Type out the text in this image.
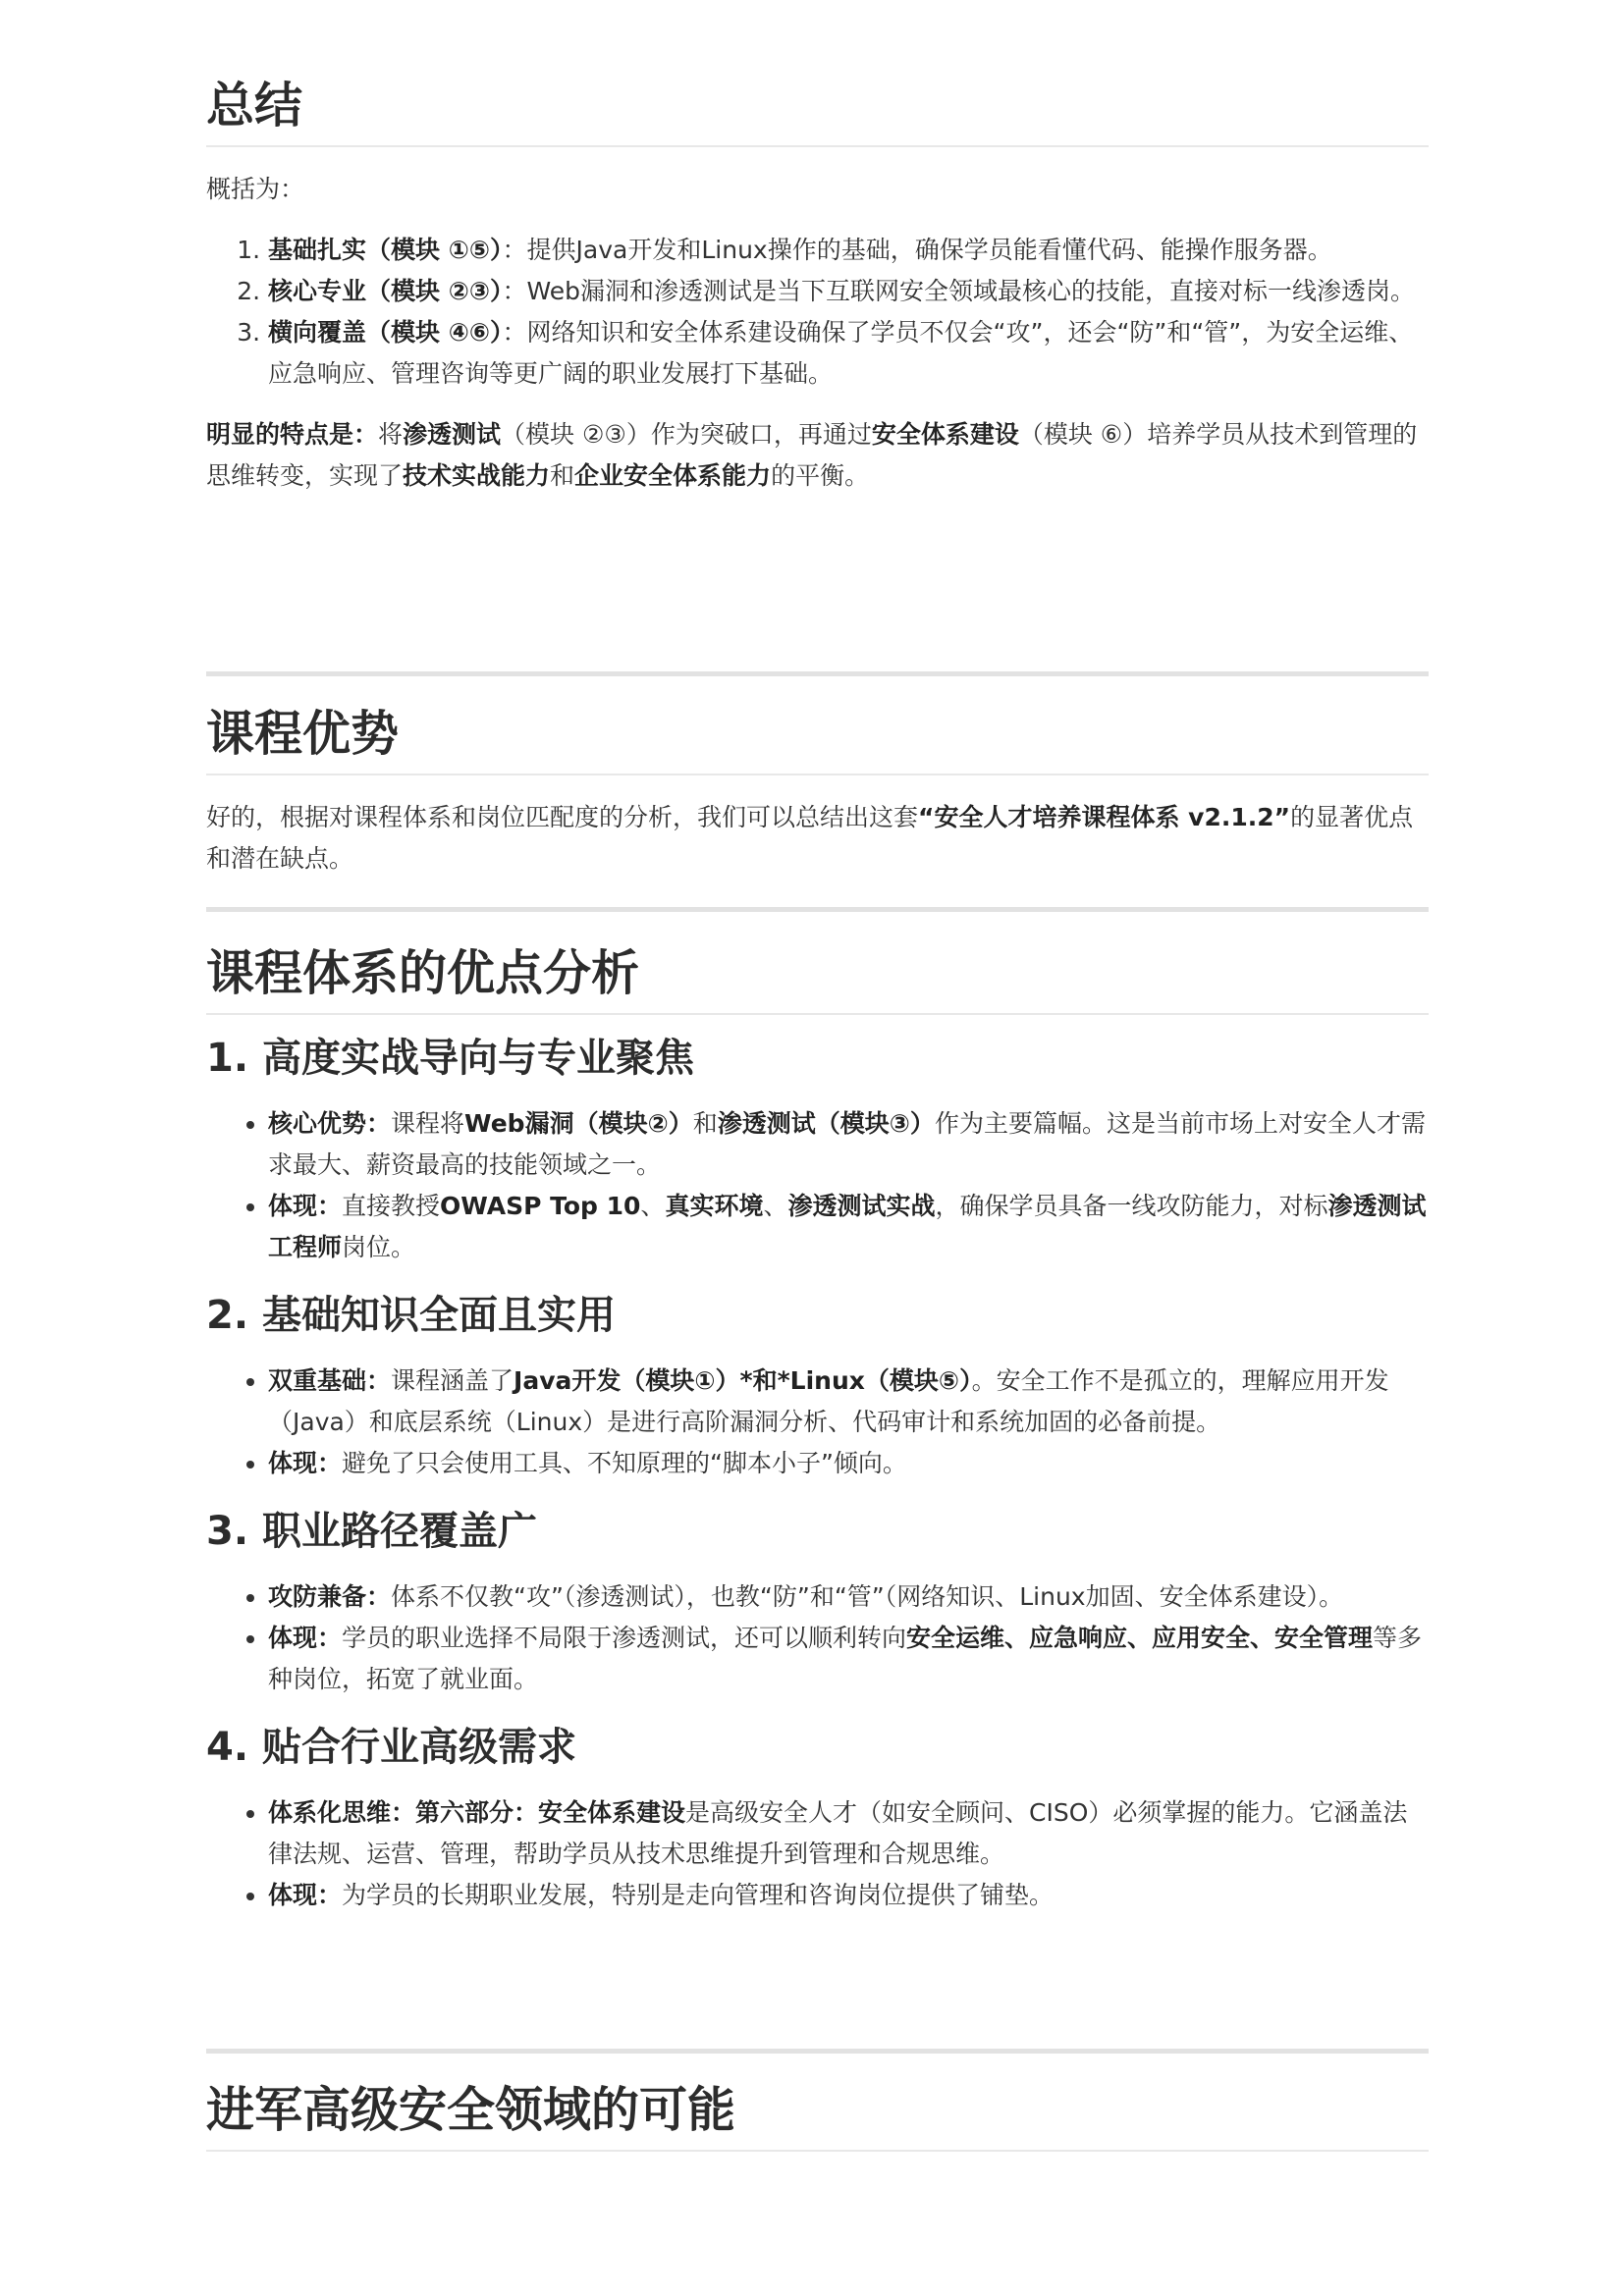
总结

概括为：

1. 基础扎实（模块 ①⑤）：提供Java开发和Linux操作的基础，确保学员能看懂代码、能操作服务器。
2. 核心专业（模块 ②③）：Web漏洞和渗透测试是当下互联网安全领域最核心的技能，直接对标一线渗透岗。
3. 横向覆盖（模块 ④⑥）：网络知识和安全体系建设确保了学员不仅会“攻”，还会“防”和“管”，为安全运维、应急响应、管理咨询等更广阔的职业发展打下基础。

明显的特点是：将渗透测试（模块 ②③）作为突破口，再通过安全体系建设（模块 ⑥）培养学员从技术到管理的思维转变，实现了技术实战能力和企业安全体系能力的平衡。

课程优势

好的，根据对课程体系和岗位匹配度的分析，我们可以总结出这套“安全人才培养课程体系 v2.1.2”的显著优点和潜在缺点。

课程体系的优点分析
1. 高度实战导向与专业聚焦
• 核心优势：课程将Web漏洞（模块②）和渗透测试（模块③）作为主要篇幅。这是当前市场上对安全人才需求最大、薪资最高的技能领域之一。
• 体现：直接教授OWASP Top 10、真实环境、渗透测试实战，确保学员具备一线攻防能力，对标渗透测试工程师岗位。
2. 基础知识全面且实用
• 双重基础：课程涵盖了Java开发（模块①）*和*Linux（模块⑤）。安全工作不是孤立的，理解应用开发（Java）和底层系统（Linux）是进行高阶漏洞分析、代码审计和系统加固的必备前提。
• 体现：避免了只会使用工具、不知原理的“脚本小子”倾向。
3. 职业路径覆盖广
• 攻防兼备：体系不仅教“攻”（渗透测试），也教“防”和“管”（网络知识、Linux加固、安全体系建设）。
• 体现：学员的职业选择不局限于渗透测试，还可以顺利转向安全运维、应急响应、应用安全、安全管理等多种岗位，拓宽了就业面。
4. 贴合行业高级需求
• 体系化思维：第六部分：安全体系建设是高级安全人才（如安全顾问、CISO）必须掌握的能力。它涵盖法律法规、运营、管理，帮助学员从技术思维提升到管理和合规思维。
• 体现：为学员的长期职业发展，特别是走向管理和咨询岗位提供了铺垫。
进军高级安全领域的可能
